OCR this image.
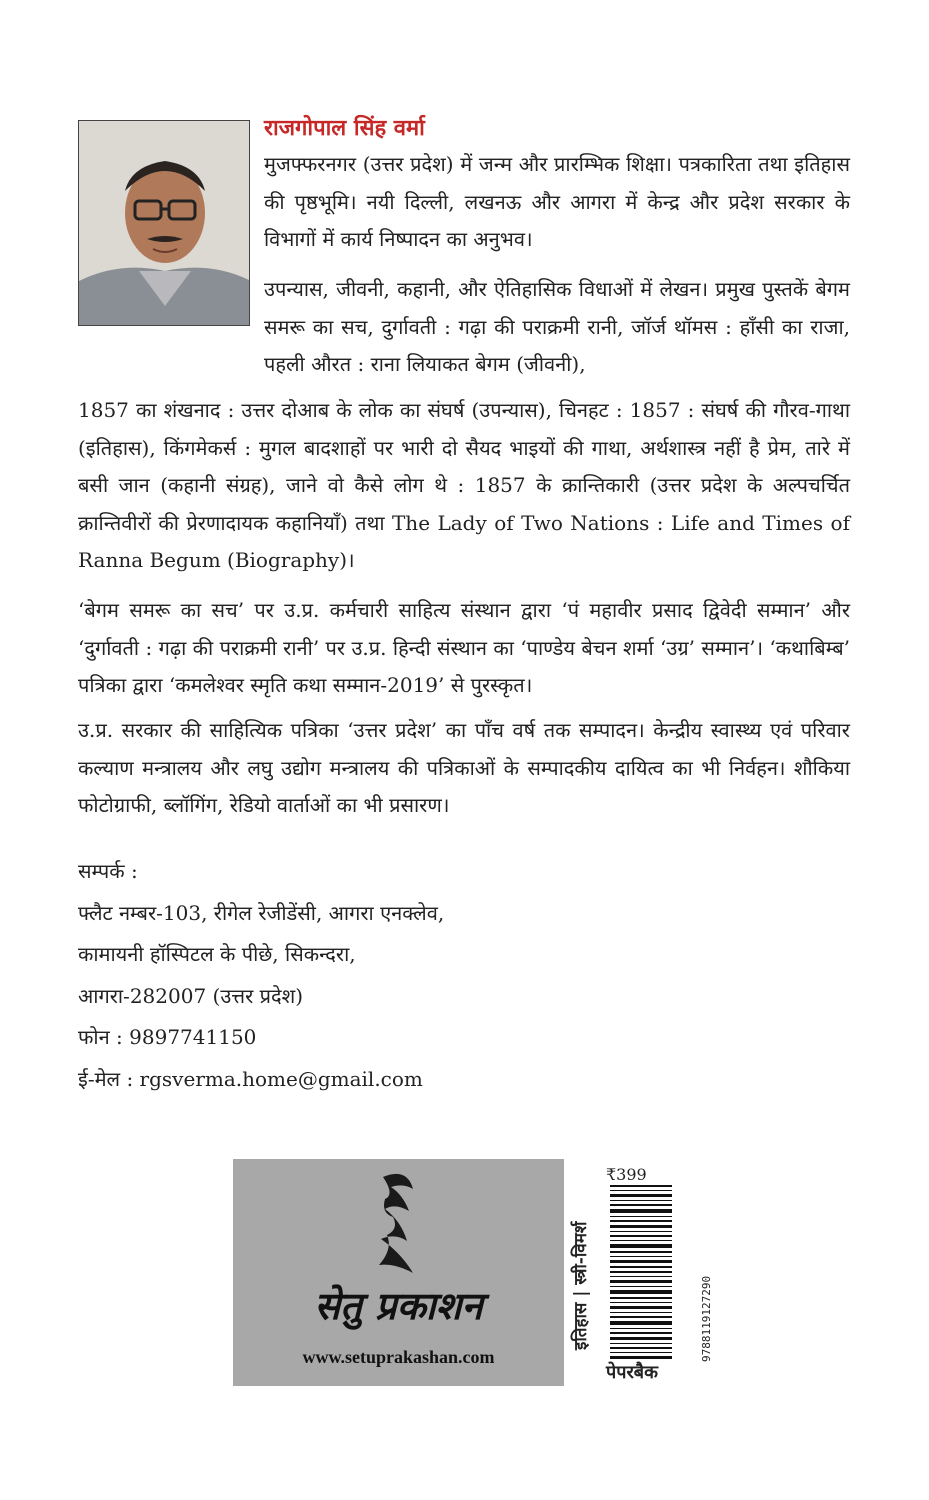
राजगोपाल सिंह वर्मा

मुजफ्फरनगर (उत्तर प्रदेश) में जन्म और प्रारम्भिक शिक्षा। पत्रकारिता तथा इतिहास की पृष्ठभूमि। नयी दिल्ली, लखनऊ और आगरा में केन्द्र और प्रदेश सरकार के विभागों में कार्य निष्पादन का अनुभव।

उपन्यास, जीवनी, कहानी, और ऐतिहासिक विधाओं में लेखन। प्रमुख पुस्तकें बेगम समरू का सच, दुर्गावती : गढ़ा की पराक्रमी रानी, जॉर्ज थॉमस : हाँसी का राजा, पहली औरत : राना लियाकत बेगम (जीवनी),

1857 का शंखनाद : उत्तर दोआब के लोक का संघर्ष (उपन्यास), चिनहट : 1857 : संघर्ष की गौरव-गाथा (इतिहास), किंगमेकर्स : मुगल बादशाहों पर भारी दो सैयद भाइयों की गाथा, अर्थशास्त्र नहीं है प्रेम, तारे में बसी जान (कहानी संग्रह), जाने वो कैसे लोग थे : 1857 के क्रान्तिकारी (उत्तर प्रदेश के अल्पचर्चित क्रान्तिवीरों की प्रेरणादायक कहानियाँ) तथा The Lady of Two Nations : Life and Times of Ranna Begum (Biography)।

‘बेगम समरू का सच’ पर उ.प्र. कर्मचारी साहित्य संस्थान द्वारा ‘पं महावीर प्रसाद द्विवेदी सम्मान’ और ‘दुर्गावती : गढ़ा की पराक्रमी रानी’ पर उ.प्र. हिन्दी संस्थान का ‘पाण्डेय बेचन शर्मा ‘उग्र’ सम्मान’। ‘कथाबिम्ब’ पत्रिका द्वारा ‘कमलेश्वर स्मृति कथा सम्मान-2019’ से पुरस्कृत।

उ.प्र. सरकार की साहित्यिक पत्रिका ‘उत्तर प्रदेश’ का पाँच वर्ष तक सम्पादन। केन्द्रीय स्वास्थ्य एवं परिवार कल्याण मन्त्रालय और लघु उद्योग मन्त्रालय की पत्रिकाओं के सम्पादकीय दायित्व का भी निर्वहन। शौकिया फोटोग्राफी, ब्लॉगिंग, रेडियो वार्ताओं का भी प्रसारण।

सम्पर्क :
फ्लैट नम्बर-103, रीगेल रेजीडेंसी, आगरा एनक्लेव,
कामायनी हॉस्पिटल के पीछे, सिकन्दरा,
आगरा-282007 (उत्तर प्रदेश)
फोन : 9897741150
ई-मेल : rgsverma.home@gmail.com
सेतु प्रकाशन
www.setuprakashan.com
₹399
इतिहास | स्त्री-विमर्श	9788119127290
पेपरबैक
